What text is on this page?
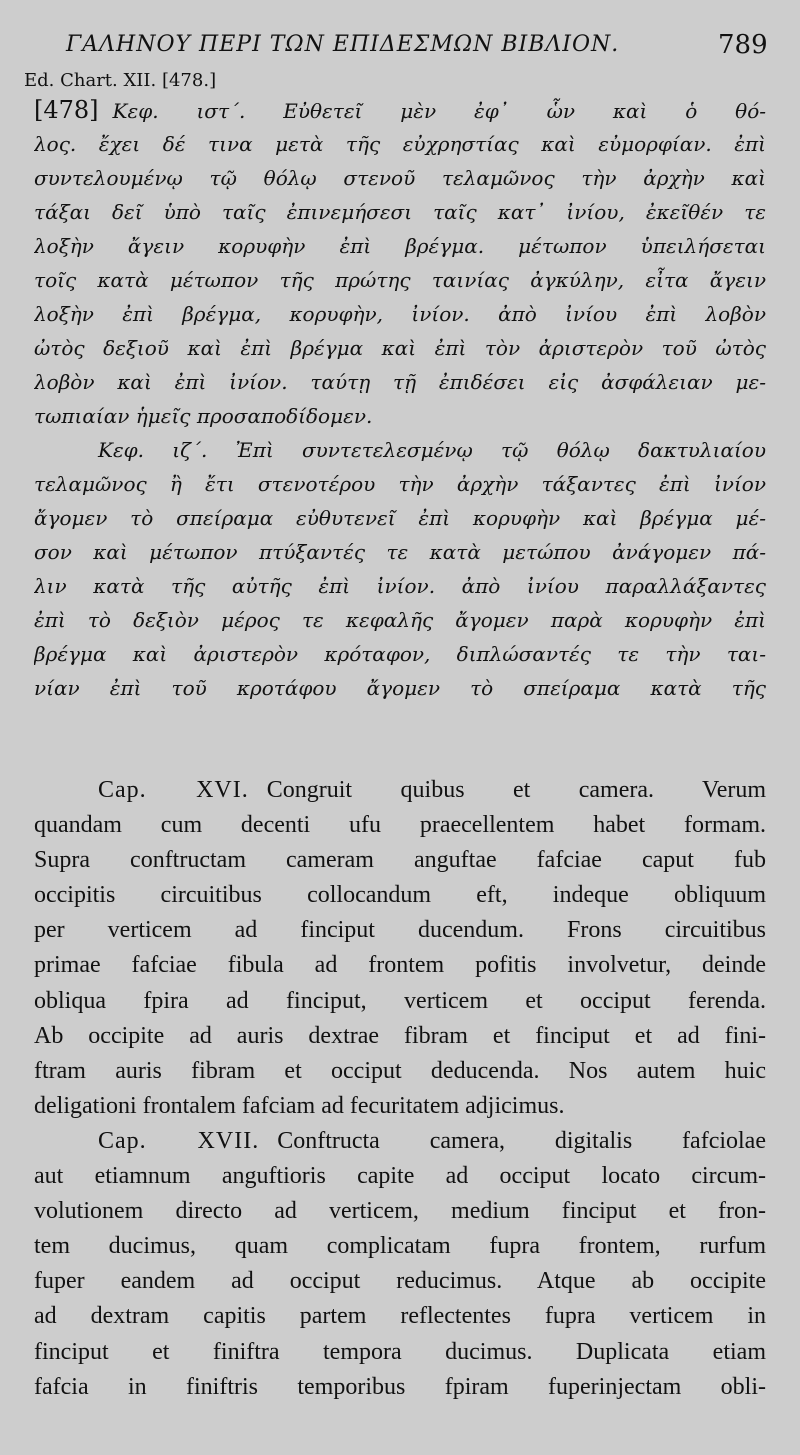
ΓΑΛΗΝΟΥ ΠΕΡΙ ΤΩΝ ΕΠΙΔΕΣΜΩΝ ΒΙΒΛΙΟΝ.	789
Ed. Chart. XII. [478.]
[478] Κεφ. ιστ΄. Εὐθετεῖ μὲν ἐφ᾽ ὧν καὶ ὁ θό-
λος. ἔχει δέ τινα μετὰ τῆς εὐχρηστίας καὶ εὐμορφίαν. ἐπὶ
συντελουμένῳ τῷ θόλῳ στενοῦ τελαμῶνος τὴν ἀρχὴν καὶ
τάξαι δεῖ ὑπὸ ταῖς ἐπινεμήσεσι ταῖς κατ᾽ ἰνίου, ἐκεῖθέν τε
λοξὴν ἄγειν κορυφὴν ἐπὶ βρέγμα. μέτωπον ὑπειλήσεται
τοῖς κατὰ μέτωπον τῆς πρώτης ταινίας ἀγκύλην, εἶτα ἄγειν
λοξὴν ἐπὶ βρέγμα, κορυφὴν, ἰνίον. ἀπὸ ἰνίου ἐπὶ λοβὸν
ὠτὸς δεξιοῦ καὶ ἐπὶ βρέγμα καὶ ἐπὶ τὸν ἀριστερὸν τοῦ ὠτὸς
λοβὸν καὶ ἐπὶ ἰνίον. ταύτῃ τῇ ἐπιδέσει εἰς ἀσφάλειαν με-
τωπιαίαν ἡμεῖς προσαποδίδομεν.
Κεφ. ιζ΄. Ἐπὶ συντετελεσμένῳ τῷ θόλῳ δακτυλιαίου
τελαμῶνος ἢ ἔτι στενοτέρου τὴν ἀρχὴν τάξαντες ἐπὶ ἰνίον
ἄγομεν τὸ σπείραμα εὐθυτενεῖ ἐπὶ κορυφὴν καὶ βρέγμα μέ-
σον καὶ μέτωπον πτύξαντές τε κατὰ μετώπου ἀνάγομεν πά-
λιν κατὰ τῆς αὐτῆς ἐπὶ ἰνίον. ἀπὸ ἰνίου παραλλάξαντες
ἐπὶ τὸ δεξιὸν μέρος τε κεφαλῆς ἄγομεν παρὰ κορυφὴν ἐπὶ
βρέγμα καὶ ἀριστερὸν κρόταφον, διπλώσαντές τε τὴν ται-
νίαν ἐπὶ τοῦ κροτάφου ἄγομεν τὸ σπείραμα κατὰ τῆς
Cap. XVI. Congruit quibus et camera. Verum
quandam cum decenti ufu praecellentem habet formam.
Supra conftructam cameram anguftae fafciae caput fub
occipitis circuitibus collocandum eft, indeque obliquum
per verticem ad finciput ducendum. Frons circuitibus
primae fafciae fibula ad frontem pofitis involvetur, deinde
obliqua fpira ad finciput, verticem et occiput ferenda.
Ab occipite ad auris dextrae fibram et finciput et ad fini-
ftram auris fibram et occiput deducenda. Nos autem huic
deligationi frontalem fafciam ad fecuritatem adjicimus.
Cap. XVII. Conftructa camera, digitalis fafciolae
aut etiamnum anguftioris capite ad occiput locato circum-
volutionem directo ad verticem, medium finciput et fron-
tem ducimus, quam complicatam fupra frontem, rurfum
fuper eandem ad occiput reducimus. Atque ab occipite
ad dextram capitis partem reflectentes fupra verticem in
finciput et finiftra tempora ducimus. Duplicata etiam
fafcia in finiftris temporibus fpiram fuperinjectam obli-
